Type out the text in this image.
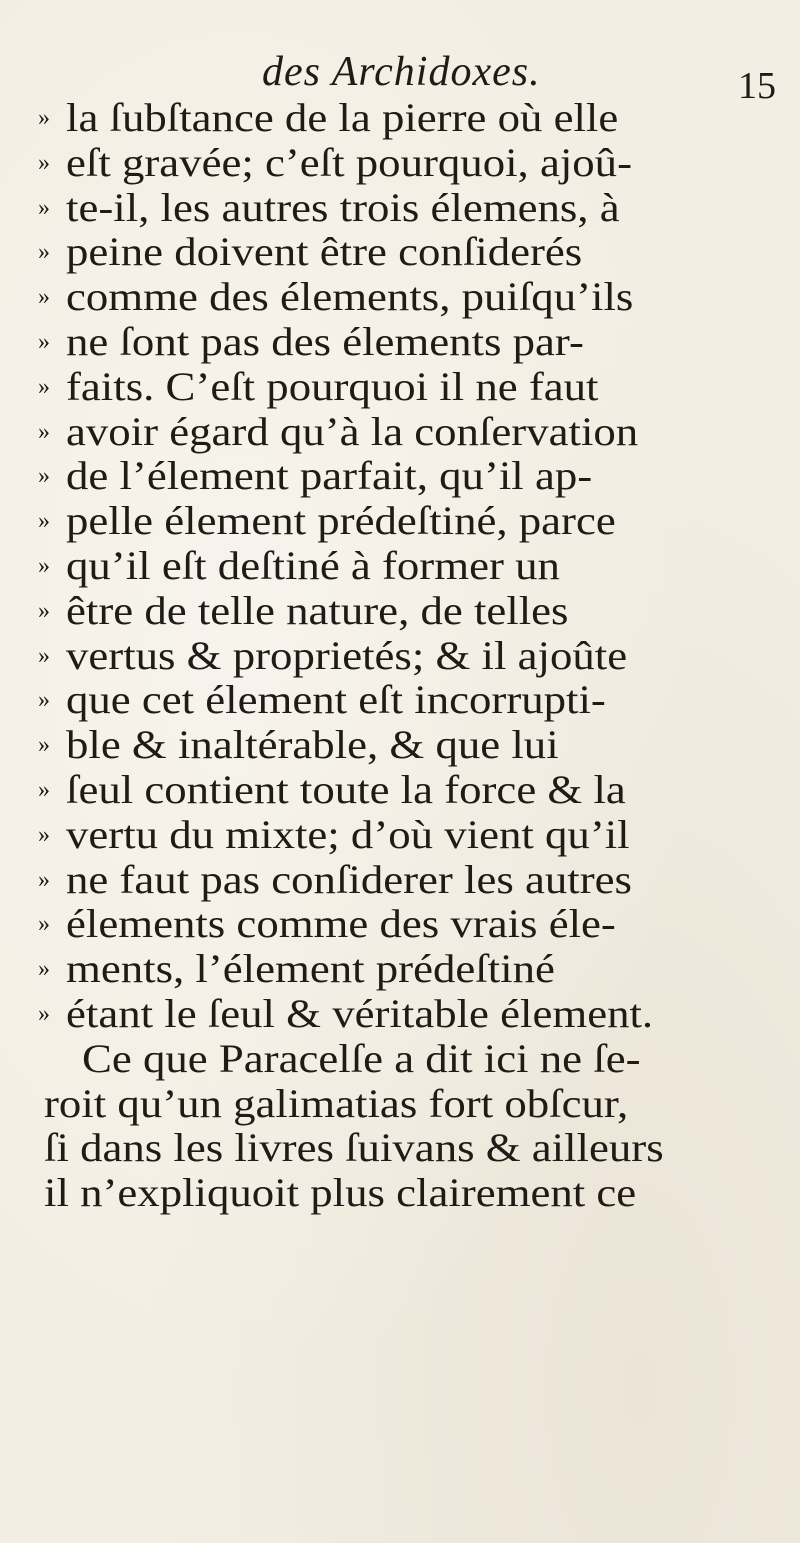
des Archidoxes.	15
» la ſubſtance de la pierre où elle
» eſt gravée; c’eſt pourquoi, ajoû-
» te-il, les autres trois élemens, à
» peine doivent être conſiderés
» comme des élements, puiſqu’ils
» ne ſont pas des élements par-
» faits. C’eſt pourquoi il ne faut
» avoir égard qu’à la conſervation
» de l’élement parfait, qu’il ap-
» pelle élement prédeſtiné, parce
» qu’il eſt deſtiné à former un
» être de telle nature, de telles
» vertus & proprietés; & il ajoûte
» que cet élement eſt incorrupti-
» ble & inaltérable, & que lui
» ſeul contient toute la force & la
» vertu du mixte; d’où vient qu’il
» ne faut pas conſiderer les autres
» élements comme des vrais éle-
» ments, l’élement prédeſtiné
» étant le ſeul & véritable élement.
Ce que Paracelſe a dit ici ne ſe-
roit qu’un galimatias fort obſcur,
ſi dans les livres ſuivans & ailleurs
il n’expliquoit plus clairement ce
